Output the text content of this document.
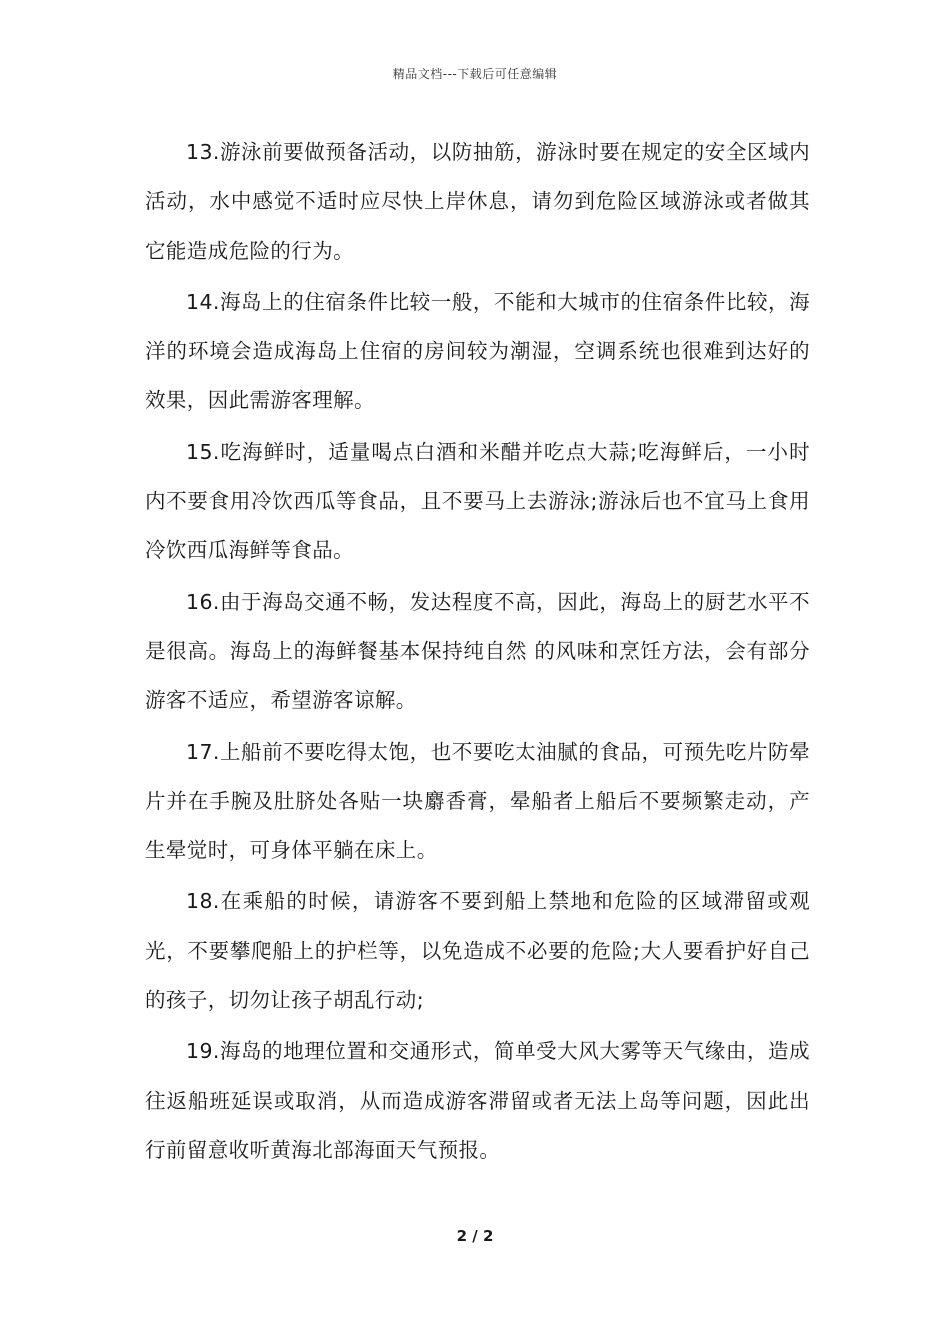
精品文档---下载后可任意编辑

13.游泳前要做预备活动，以防抽筋，游泳时要在规定的安全区域内活动，水中感觉不适时应尽快上岸休息，请勿到危险区域游泳或者做其它能造成危险的行为。

14.海岛上的住宿条件比较一般，不能和大城市的住宿条件比较，海洋的环境会造成海岛上住宿的房间较为潮湿，空调系统也很难到达好的效果，因此需游客理解。

15.吃海鲜时，适量喝点白酒和米醋并吃点大蒜;吃海鲜后，一小时内不要食用冷饮西瓜等食品，且不要马上去游泳;游泳后也不宜马上食用冷饮西瓜海鲜等食品。

16.由于海岛交通不畅，发达程度不高，因此，海岛上的厨艺水平不是很高。海岛上的海鲜餐基本保持纯自然 的风味和烹饪方法，会有部分游客不适应，希望游客谅解。

17.上船前不要吃得太饱，也不要吃太油腻的食品，可预先吃片防晕片并在手腕及肚脐处各贴一块麝香膏，晕船者上船后不要频繁走动，产生晕觉时，可身体平躺在床上。

18.在乘船的时候，请游客不要到船上禁地和危险的区域滞留或观光，不要攀爬船上的护栏等，以免造成不必要的危险;大人要看护好自己的孩子，切勿让孩子胡乱行动;

19.海岛的地理位置和交通形式，简单受大风大雾等天气缘由，造成往返船班延误或取消，从而造成游客滞留或者无法上岛等问题，因此出行前留意收听黄海北部海面天气预报。

2 / 2
